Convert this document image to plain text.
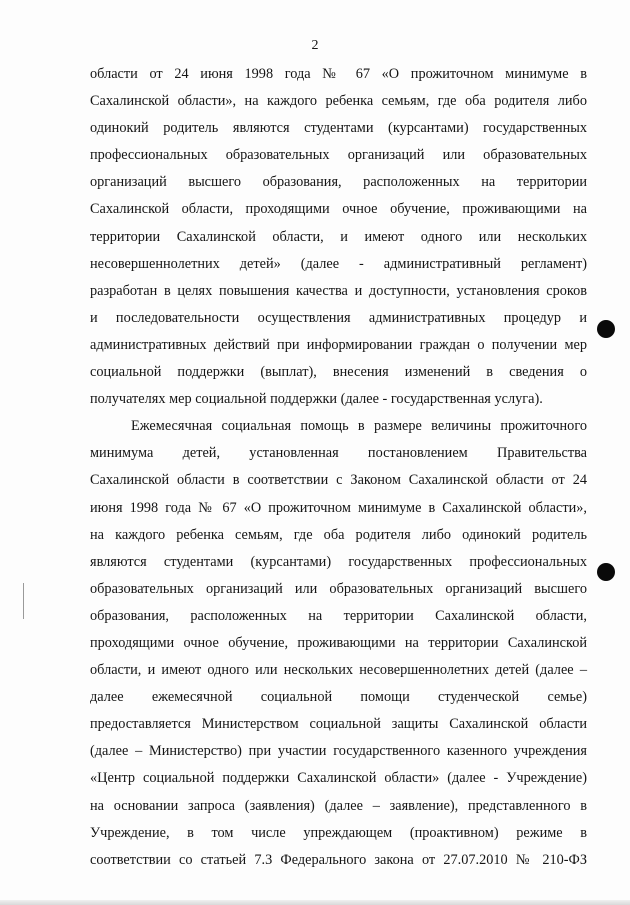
2
области от 24 июня 1998 года № 67 «О прожиточном минимуме в
Сахалинской области», на каждого ребенка семьям, где оба родителя либо
одинокий родитель являются студентами (курсантами) государственных
профессиональных образовательных организаций или образовательных
организаций высшего образования, расположенных на территории
Сахалинской области, проходящими очное обучение, проживающими на
территории Сахалинской области, и имеют одного или нескольких
несовершеннолетних детей» (далее - административный регламент)
разработан в целях повышения качества и доступности, установления сроков
и последовательности осуществления административных процедур и
административных действий при информировании граждан о получении мер
социальной поддержки (выплат), внесения изменений в сведения о
получателях мер социальной поддержки (далее - государственная услуга).
Ежемесячная социальная помощь в размере величины прожиточного
минимума детей, установленная постановлением Правительства
Сахалинской области в соответствии с Законом Сахалинской области от 24
июня 1998 года № 67 «О прожиточном минимуме в Сахалинской области»,
на каждого ребенка семьям, где оба родителя либо одинокий родитель
являются студентами (курсантами) государственных профессиональных
образовательных организаций или образовательных организаций высшего
образования, расположенных на территории Сахалинской области,
проходящими очное обучение, проживающими на территории Сахалинской
области, и имеют одного или нескольких несовершеннолетних детей (далее –
далее ежемесячной социальной помощи студенческой семье)
предоставляется Министерством социальной защиты Сахалинской области
(далее – Министерство) при участии государственного казенного учреждения
«Центр социальной поддержки Сахалинской области» (далее - Учреждение)
на основании запроса (заявления) (далее – заявление), представленного в
Учреждение, в том числе упреждающем (проактивном) режиме в
соответствии со статьей 7.3 Федерального закона от 27.07.2010 № 210-ФЗ
